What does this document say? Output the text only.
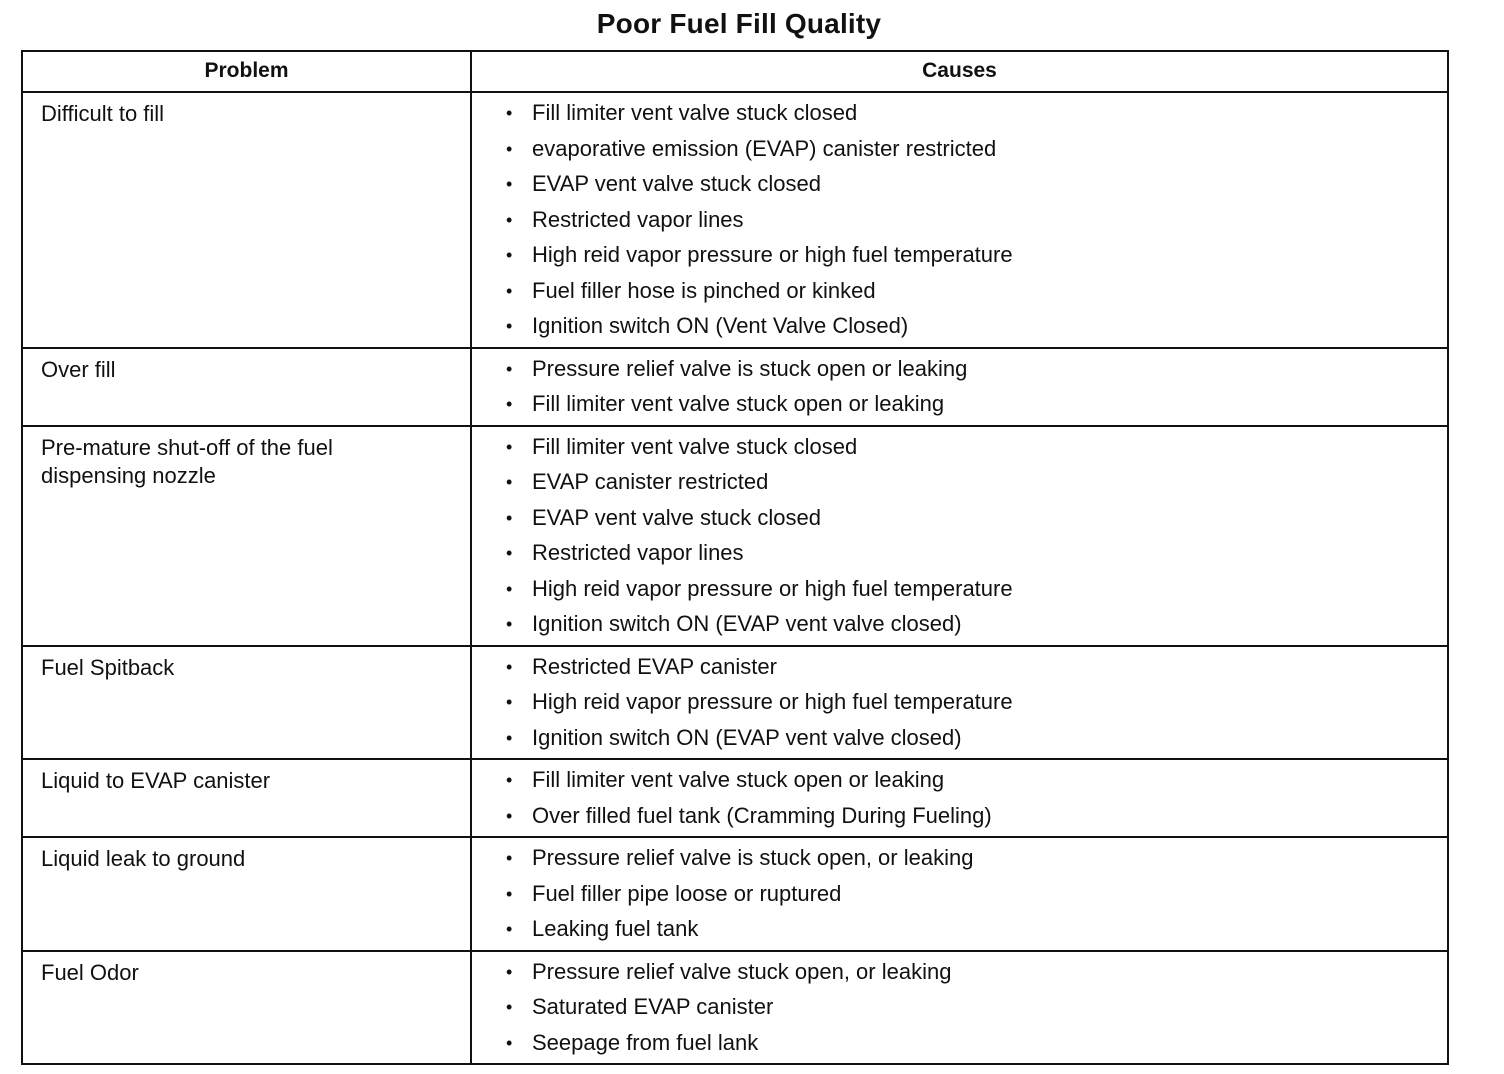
Poor Fuel Fill Quality
Problem	Causes
Difficult to fill	• Fill limiter vent valve stuck closed
• evaporative emission (EVAP) canister restricted
• EVAP vent valve stuck closed
• Restricted vapor lines
• High reid vapor pressure or high fuel temperature
• Fuel filler hose is pinched or kinked
• Ignition switch ON (Vent Valve Closed)
Over fill	• Pressure relief valve is stuck open or leaking
• Fill limiter vent valve stuck open or leaking
Pre-mature shut-off of the fuel dispensing nozzle
• Fill limiter vent valve stuck closed
• EVAP canister restricted
• EVAP vent valve stuck closed
• Restricted vapor lines
• High reid vapor pressure or high fuel temperature
• Ignition switch ON (EVAP vent valve closed)
Fuel Spitback	• Restricted EVAP canister
• High reid vapor pressure or high fuel temperature
• Ignition switch ON (EVAP vent valve closed)
Liquid to EVAP canister	• Fill limiter vent valve stuck open or leaking
• Over filled fuel tank (Cramming During Fueling)
Liquid leak to ground	• Pressure relief valve is stuck open, or leaking
• Fuel filler pipe loose or ruptured
• Leaking fuel tank
Fuel Odor	• Pressure relief valve stuck open, or leaking
• Saturated EVAP canister
• Seepage from fuel lank
